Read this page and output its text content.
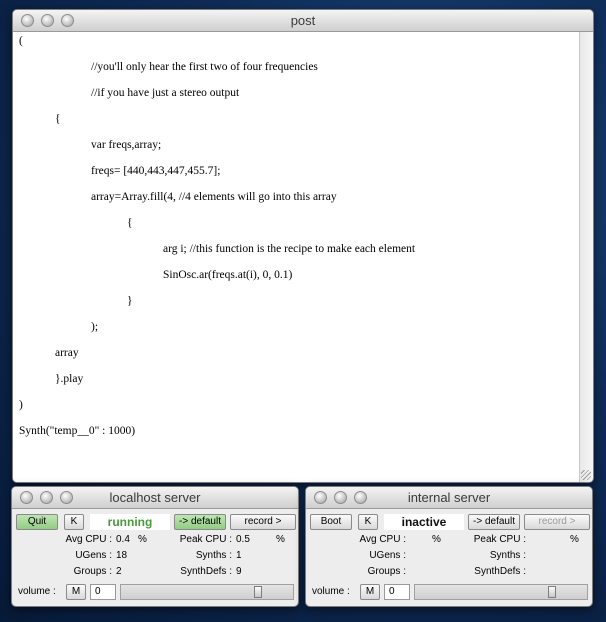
post
(
//you'll only hear the first two of four frequencies
//if you have just a stereo output
{
var freqs,array;
freqs= [440,443,447,455.7];
array=Array.fill(4, //4 elements will go into this array
{
arg i; //this function is the recipe to make each element
SinOsc.ar(freqs.at(i), 0, 0.1)
}
);
array
}.play
)
Synth("temp__0" : 1000)
localhost server
Quit	K	running	-> default	record >
Avg CPU : 0.4 %	Peak CPU : 0.5	%
UGens : 18	Synths : 1
Groups : 2	SynthDefs : 9
volume :	M	0
internal server
Boot	K	inactive	-> default	record >
Avg CPU :	%	Peak CPU :	%
UGens :	Synths :
Groups :	SynthDefs :
volume :	M	0
